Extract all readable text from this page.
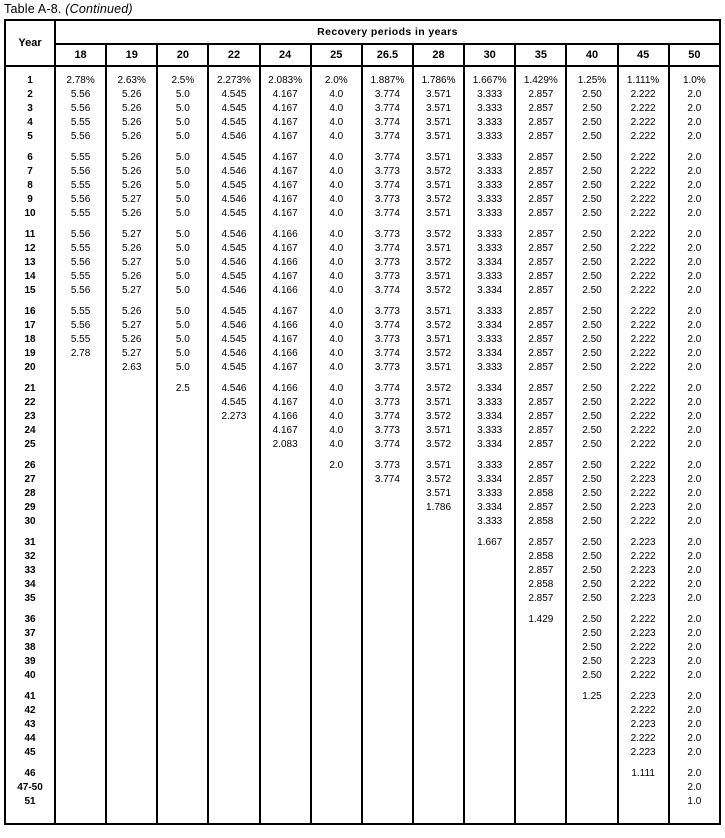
Table A-8. (Continued)
Year	Recovery periods in years												
	18	19	20	22	24	25	26.5	28	30	35	40	45	50

1	2.78%	2.63%	2.5%	2.273%	2.083%	2.0%	1.887%	1.786%	1.667%	1.429%	1.25%	1.111%	1.0%
2	5.56	5.26	5.0	4.545	4.167	4.0	3.774	3.571	3.333	2.857	2.50	2.222	2.0
3	5.56	5.26	5.0	4.545	4.167	4.0	3.774	3.571	3.333	2.857	2.50	2.222	2.0
4	5.55	5.26	5.0	4.545	4.167	4.0	3.774	3.571	3.333	2.857	2.50	2.222	2.0
5	5.56	5.26	5.0	4.546	4.167	4.0	3.774	3.571	3.333	2.857	2.50	2.222	2.0

6	5.55	5.26	5.0	4.545	4.167	4.0	3.774	3.571	3.333	2.857	2.50	2.222	2.0
7	5.56	5.26	5.0	4.546	4.167	4.0	3.773	3.572	3.333	2.857	2.50	2.222	2.0
8	5.55	5.26	5.0	4.545	4.167	4.0	3.774	3.571	3.333	2.857	2.50	2.222	2.0
9	5.56	5.27	5.0	4.546	4.167	4.0	3.773	3.572	3.333	2.857	2.50	2.222	2.0
10	5.55	5.26	5.0	4.545	4.167	4.0	3.774	3.571	3.333	2.857	2.50	2.222	2.0

11	5.56	5.27	5.0	4.546	4.166	4.0	3.773	3.572	3.333	2.857	2.50	2.222	2.0
12	5.55	5.26	5.0	4.545	4.167	4.0	3.774	3.571	3.333	2.857	2.50	2.222	2.0
13	5.56	5.27	5.0	4.546	4.166	4.0	3.773	3.572	3.334	2.857	2.50	2.222	2.0
14	5.55	5.26	5.0	4.545	4.167	4.0	3.773	3.571	3.333	2.857	2.50	2.222	2.0
15	5.56	5.27	5.0	4.546	4.166	4.0	3.774	3.572	3.334	2.857	2.50	2.222	2.0

16	5.55	5.26	5.0	4.545	4.167	4.0	3.773	3.571	3.333	2.857	2.50	2.222	2.0
17	5.56	5.27	5.0	4.546	4.166	4.0	3.774	3.572	3.334	2.857	2.50	2.222	2.0
18	5.55	5.26	5.0	4.545	4.167	4.0	3.773	3.571	3.333	2.857	2.50	2.222	2.0
19	2.78	5.27	5.0	4.546	4.166	4.0	3.774	3.572	3.334	2.857	2.50	2.222	2.0
20		2.63	5.0	4.545	4.167	4.0	3.773	3.571	3.333	2.857	2.50	2.222	2.0

21			2.5	4.546	4.166	4.0	3.774	3.572	3.334	2.857	2.50	2.222	2.0
22				4.545	4.167	4.0	3.773	3.571	3.333	2.857	2.50	2.222	2.0
23				2.273	4.166	4.0	3.774	3.572	3.334	2.857	2.50	2.222	2.0
24					4.167	4.0	3.773	3.571	3.333	2.857	2.50	2.222	2.0
25					2.083	4.0	3.774	3.572	3.334	2.857	2.50	2.222	2.0

26						2.0	3.773	3.571	3.333	2.857	2.50	2.222	2.0
27							3.774	3.572	3.334	2.857	2.50	2.223	2.0
28								3.571	3.333	2.858	2.50	2.222	2.0
29								1.786	3.334	2.857	2.50	2.223	2.0
30									3.333	2.858	2.50	2.222	2.0

31									1.667	2.857	2.50	2.223	2.0
32										2.858	2.50	2.222	2.0
33										2.857	2.50	2.223	2.0
34										2.858	2.50	2.222	2.0
35										2.857	2.50	2.223	2.0

36										1.429	2.50	2.222	2.0
37											2.50	2.223	2.0
38											2.50	2.222	2.0
39											2.50	2.223	2.0
40											2.50	2.222	2.0

41											1.25	2.223	2.0
42												2.222	2.0
43												2.223	2.0
44												2.222	2.0
45												2.223	2.0

46												1.111	2.0
47-50													2.0
51													1.0
